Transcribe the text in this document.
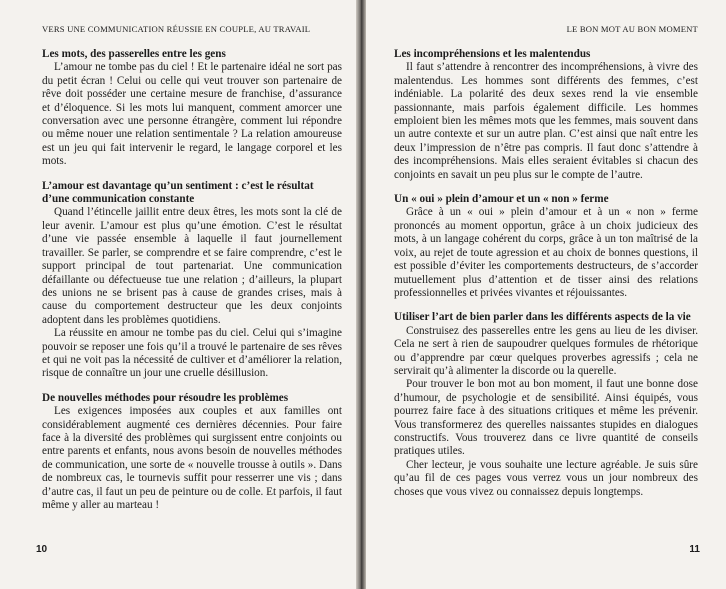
VERS UNE COMMUNICATION RÉUSSIE EN COUPLE, AU TRAVAIL
Les mots, des passerelles entre les gens

L’amour ne tombe pas du ciel ! Et le partenaire idéal ne sort pas du petit écran ! Celui ou celle qui veut trouver son partenaire de rêve doit posséder une certaine mesure de franchise, d’assurance et d’éloquence. Si les mots lui manquent, comment amorcer une conversation avec une personne étrangère, comment lui répondre ou même nouer une relation sentimentale ? La relation amoureuse est un jeu qui fait intervenir le regard, le langage corporel et les mots.

L’amour est davantage qu’un sentiment : c’est le résultat d’une communication constante

Quand l’étincelle jaillit entre deux êtres, les mots sont la clé de leur avenir. L’amour est plus qu’une émotion. C’est le résultat d’une vie passée ensemble à laquelle il faut journellement travailler. Se parler, se comprendre et se faire comprendre, c’est le support principal de tout partenariat. Une communication défaillante ou défectueuse tue une relation ; d’ailleurs, la plupart des unions ne se brisent pas à cause de grandes crises, mais à cause du comportement destructeur que les deux conjoints adoptent dans les problèmes quotidiens.

La réussite en amour ne tombe pas du ciel. Celui qui s’imagine pouvoir se reposer une fois qu’il a trouvé le partenaire de ses rêves et qui ne voit pas la nécessité de cultiver et d’améliorer la relation, risque de connaître un jour une cruelle désillusion.

De nouvelles méthodes pour résoudre les problèmes

Les exigences imposées aux couples et aux familles ont considérablement augmenté ces dernières décennies. Pour faire face à la diversité des problèmes qui surgissent entre conjoints ou entre parents et enfants, nous avons besoin de nouvelles méthodes de communication, une sorte de « nouvelle trousse à outils ». Dans de nombreux cas, le tournevis suffit pour resserrer une vis ; dans d’autre cas, il faut un peu de peinture ou de colle. Et parfois, il faut même y aller au marteau !

10
LE BON MOT AU BON MOMENT
Les incompréhensions et les malentendus

Il faut s’attendre à rencontrer des incompréhensions, à vivre des malentendus. Les hommes sont différents des femmes, c’est indéniable. La polarité des deux sexes rend la vie ensemble passionnante, mais parfois également difficile. Les hommes emploient bien les mêmes mots que les femmes, mais souvent dans un autre contexte et sur un autre plan. C’est ainsi que naît entre les deux l’impression de n’être pas compris. Il faut donc s’attendre à des incompréhensions. Mais elles seraient évitables si chacun des conjoints en savait un peu plus sur le compte de l’autre.

Un « oui » plein d’amour et un « non » ferme

Grâce à un « oui » plein d’amour et à un « non » ferme prononcés au moment opportun, grâce à un choix judicieux des mots, à un langage cohérent du corps, grâce à un ton maîtrisé de la voix, au rejet de toute agression et au choix de bonnes questions, il est possible d’éviter les comportements destructeurs, de s’accorder mutuellement plus d’attention et de tisser ainsi des relations professionnelles et privées vivantes et réjouissantes.

Utiliser l’art de bien parler dans les différents aspects de la vie

Construisez des passerelles entre les gens au lieu de les diviser. Cela ne sert à rien de saupoudrer quelques formules de rhétorique ou d’apprendre par cœur quelques proverbes agressifs ; cela ne servirait qu’à alimenter la discorde ou la querelle.

Pour trouver le bon mot au bon moment, il faut une bonne dose d’humour, de psychologie et de sensibilité. Ainsi équipés, vous pourrez faire face à des situations critiques et même les prévenir. Vous transformerez des querelles naissantes stupides en dialogues constructifs. Vous trouverez dans ce livre quantité de conseils pratiques utiles.

Cher lecteur, je vous souhaite une lecture agréable. Je suis sûre qu’au fil de ces pages vous verrez vous un jour nombreux des choses que vous vivez ou connaissez depuis longtemps.

11
